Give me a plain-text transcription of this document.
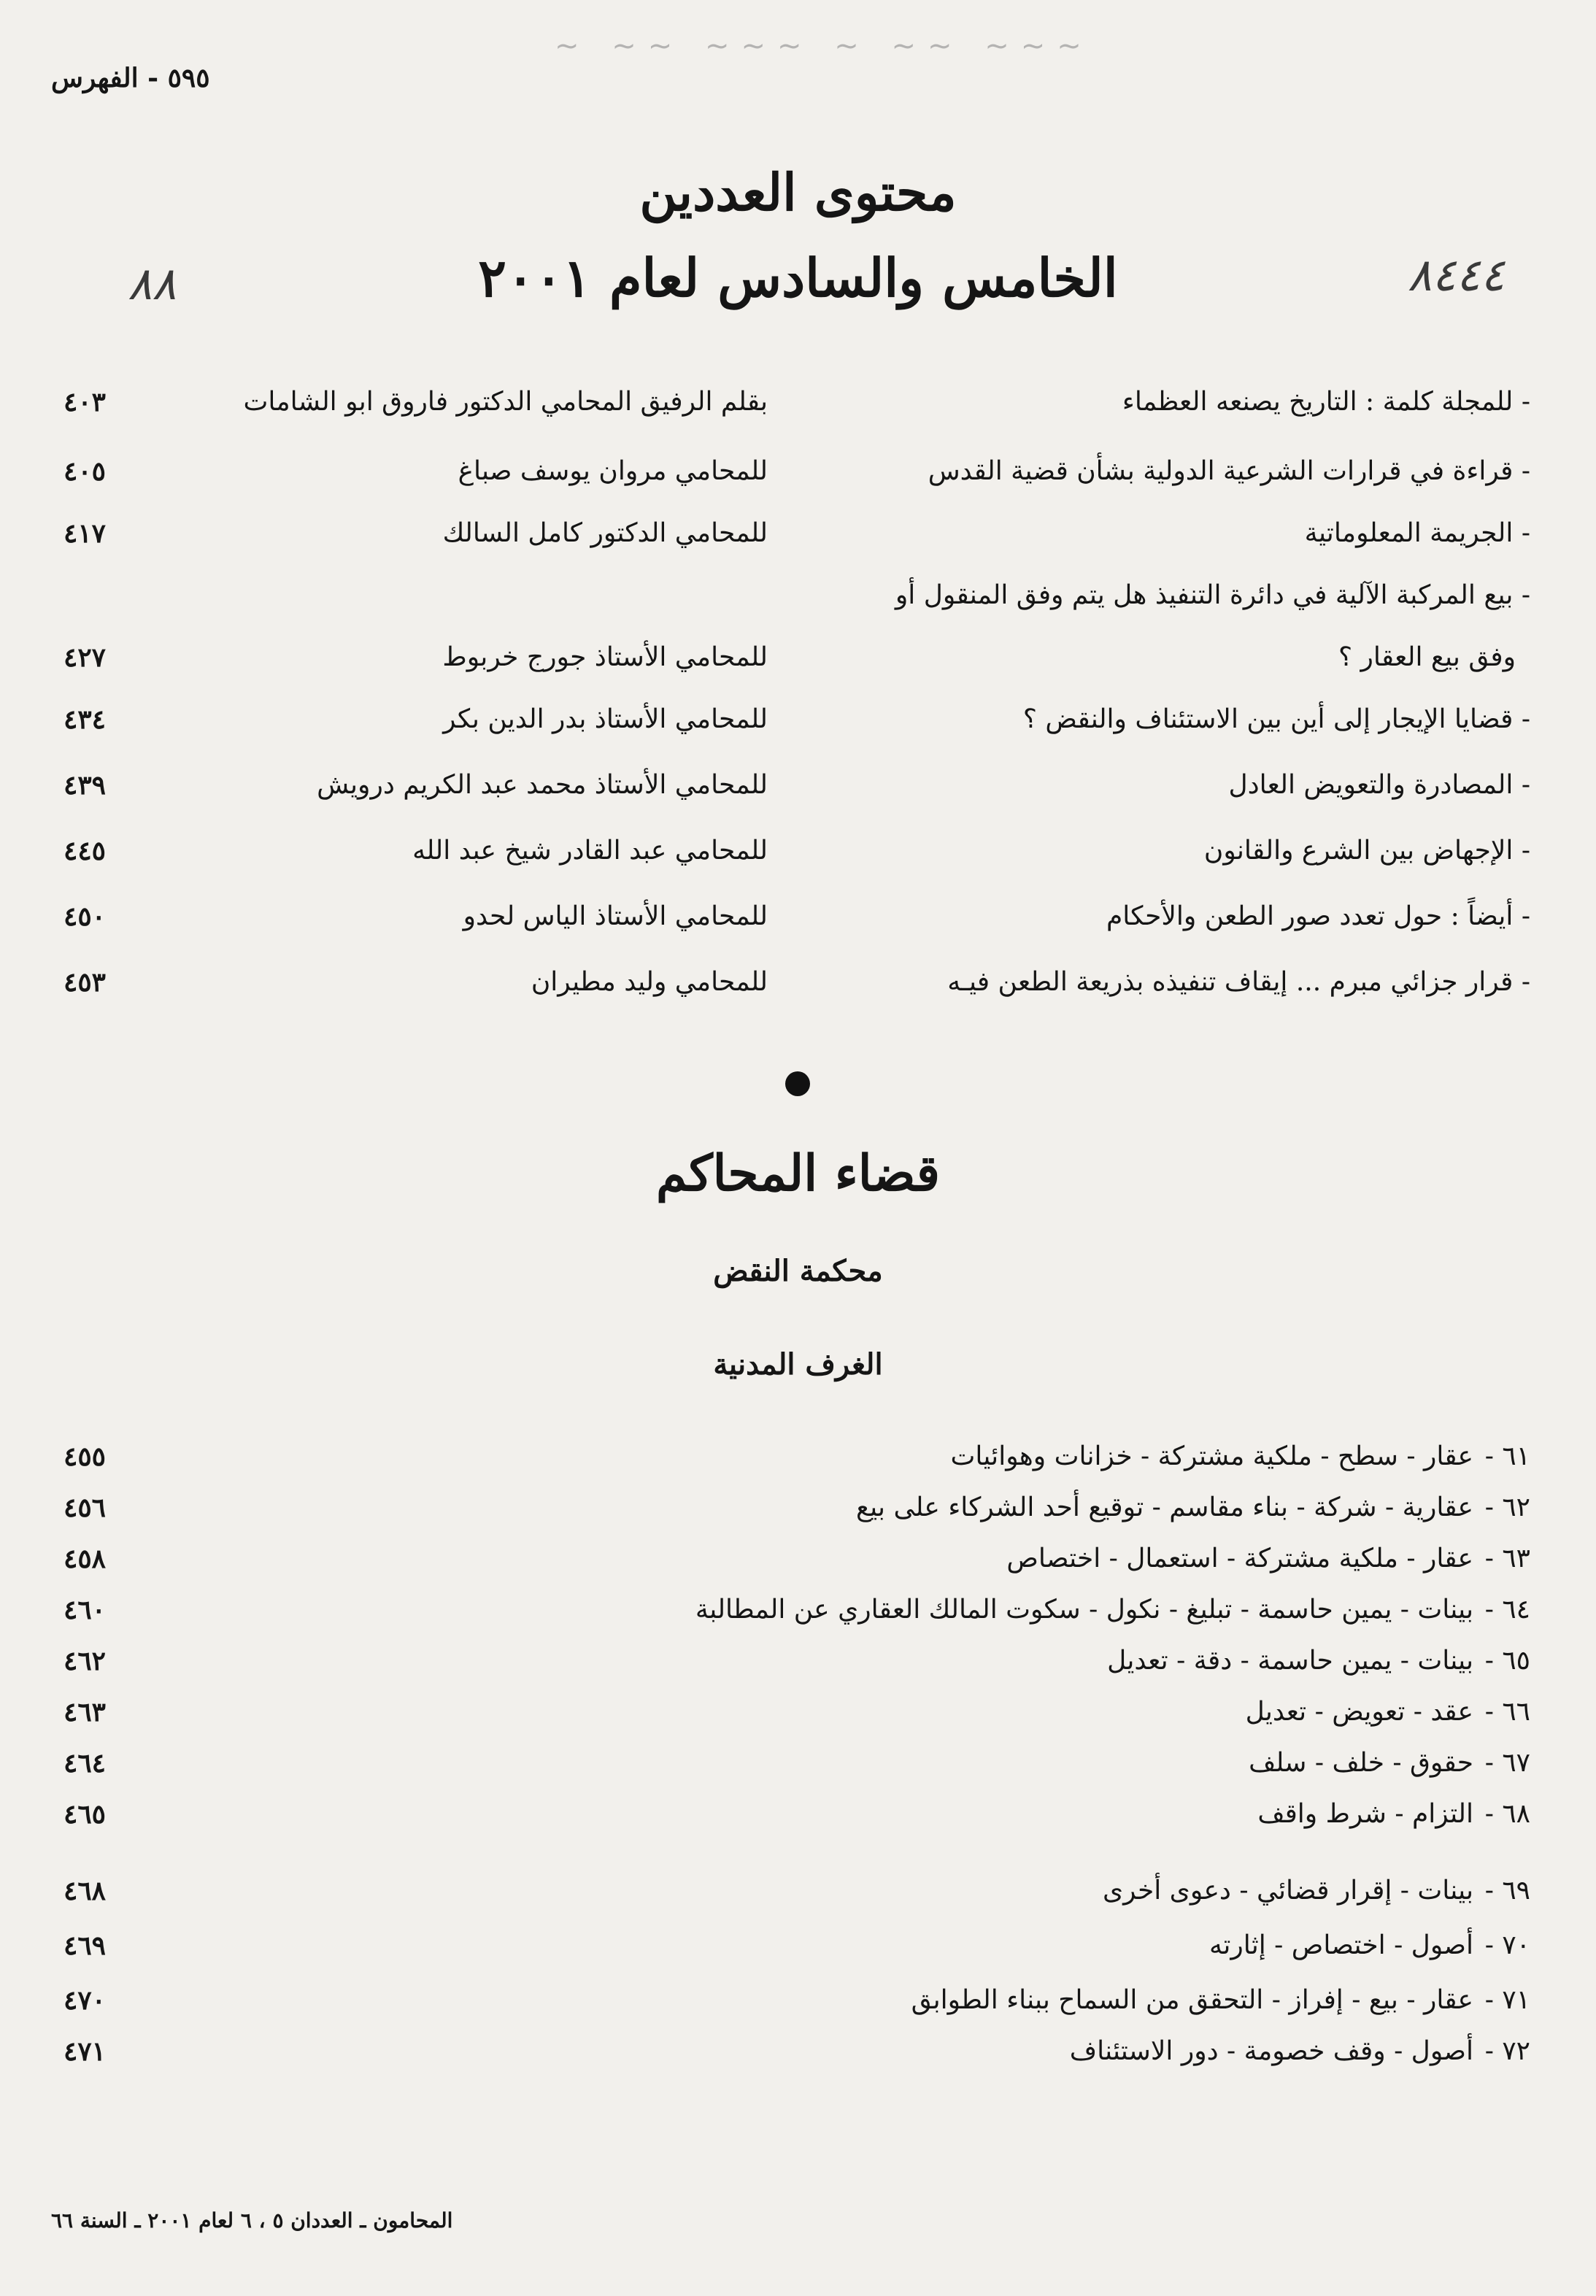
~ ~~ ~~~ ~ ~~ ~~~
٥٩٥ - الفهرس
٨٨	٨٤٤٤
محتوى العددين
الخامس والسادس لعام ٢٠٠١
- للمجلة كلمة : التاريخ يصنعه العظماء
بقلم الرفيق المحامي الدكتور فاروق ابو الشامات
٤٠٣
- قراءة في قرارات الشرعية الدولية بشأن قضية القدس
للمحامي مروان يوسف صباغ
٤٠٥
- الجريمة المعلوماتية
للمحامي الدكتور كامل السالك
٤١٧
- بيع المركبة الآلية في دائرة التنفيذ هل يتم وفق المنقول أو
وفق بيع العقار ؟
للمحامي الأستاذ جورج خربوط
٤٢٧
- قضايا الإيجار إلى أين بين الاستئناف والنقض ؟
للمحامي الأستاذ بدر الدين بكر
٤٣٤
- المصادرة والتعويض العادل
للمحامي الأستاذ محمد عبد الكريم درويش
٤٣٩
- الإجهاض بين الشرع والقانون
للمحامي عبد القادر شيخ عبد الله
٤٤٥
- أيضاً : حول تعدد صور الطعن والأحكام
للمحامي الأستاذ الياس لحدو
٤٥٠
- قرار جزائي مبرم ... إيقاف تنفيذه بذريعة الطعن فيـه
للمحامي وليد مطيران
٤٥٣
قضاء المحاكم
محكمة النقض
الغرف المدنية
٦١ -
عقار - سطح - ملكية مشتركة - خزانات وهوائيات
٤٥٥
٦٢ -
عقارية - شركة - بناء مقاسم - توقيع أحد الشركاء على بيع
٤٥٦
٦٣ -
عقار - ملكية مشتركة - استعمال - اختصاص
٤٥٨
٦٤ -
بينات - يمين حاسمة - تبليغ - نكول - سكوت المالك العقاري عن المطالبة
٤٦٠
٦٥ -
بينات - يمين حاسمة - دقة - تعديل
٤٦٢
٦٦ -
عقد - تعويض - تعديل
٤٦٣
٦٧ -
حقوق - خلف - سلف
٤٦٤
٦٨ -
التزام - شرط واقف
٤٦٥
٦٩ -
بينات - إقرار قضائي - دعوى أخرى
٤٦٨
٧٠ -
أصول - اختصاص - إثارته
٤٦٩
٧١ -
عقار - بيع - إفراز - التحقق من السماح ببناء الطوابق
٤٧٠
٧٢ -
أصول - وقف خصومة - دور الاستئناف
٤٧١
المحامون ـ العددان ٥ ، ٦ لعام ٢٠٠١ ـ السنة ٦٦
